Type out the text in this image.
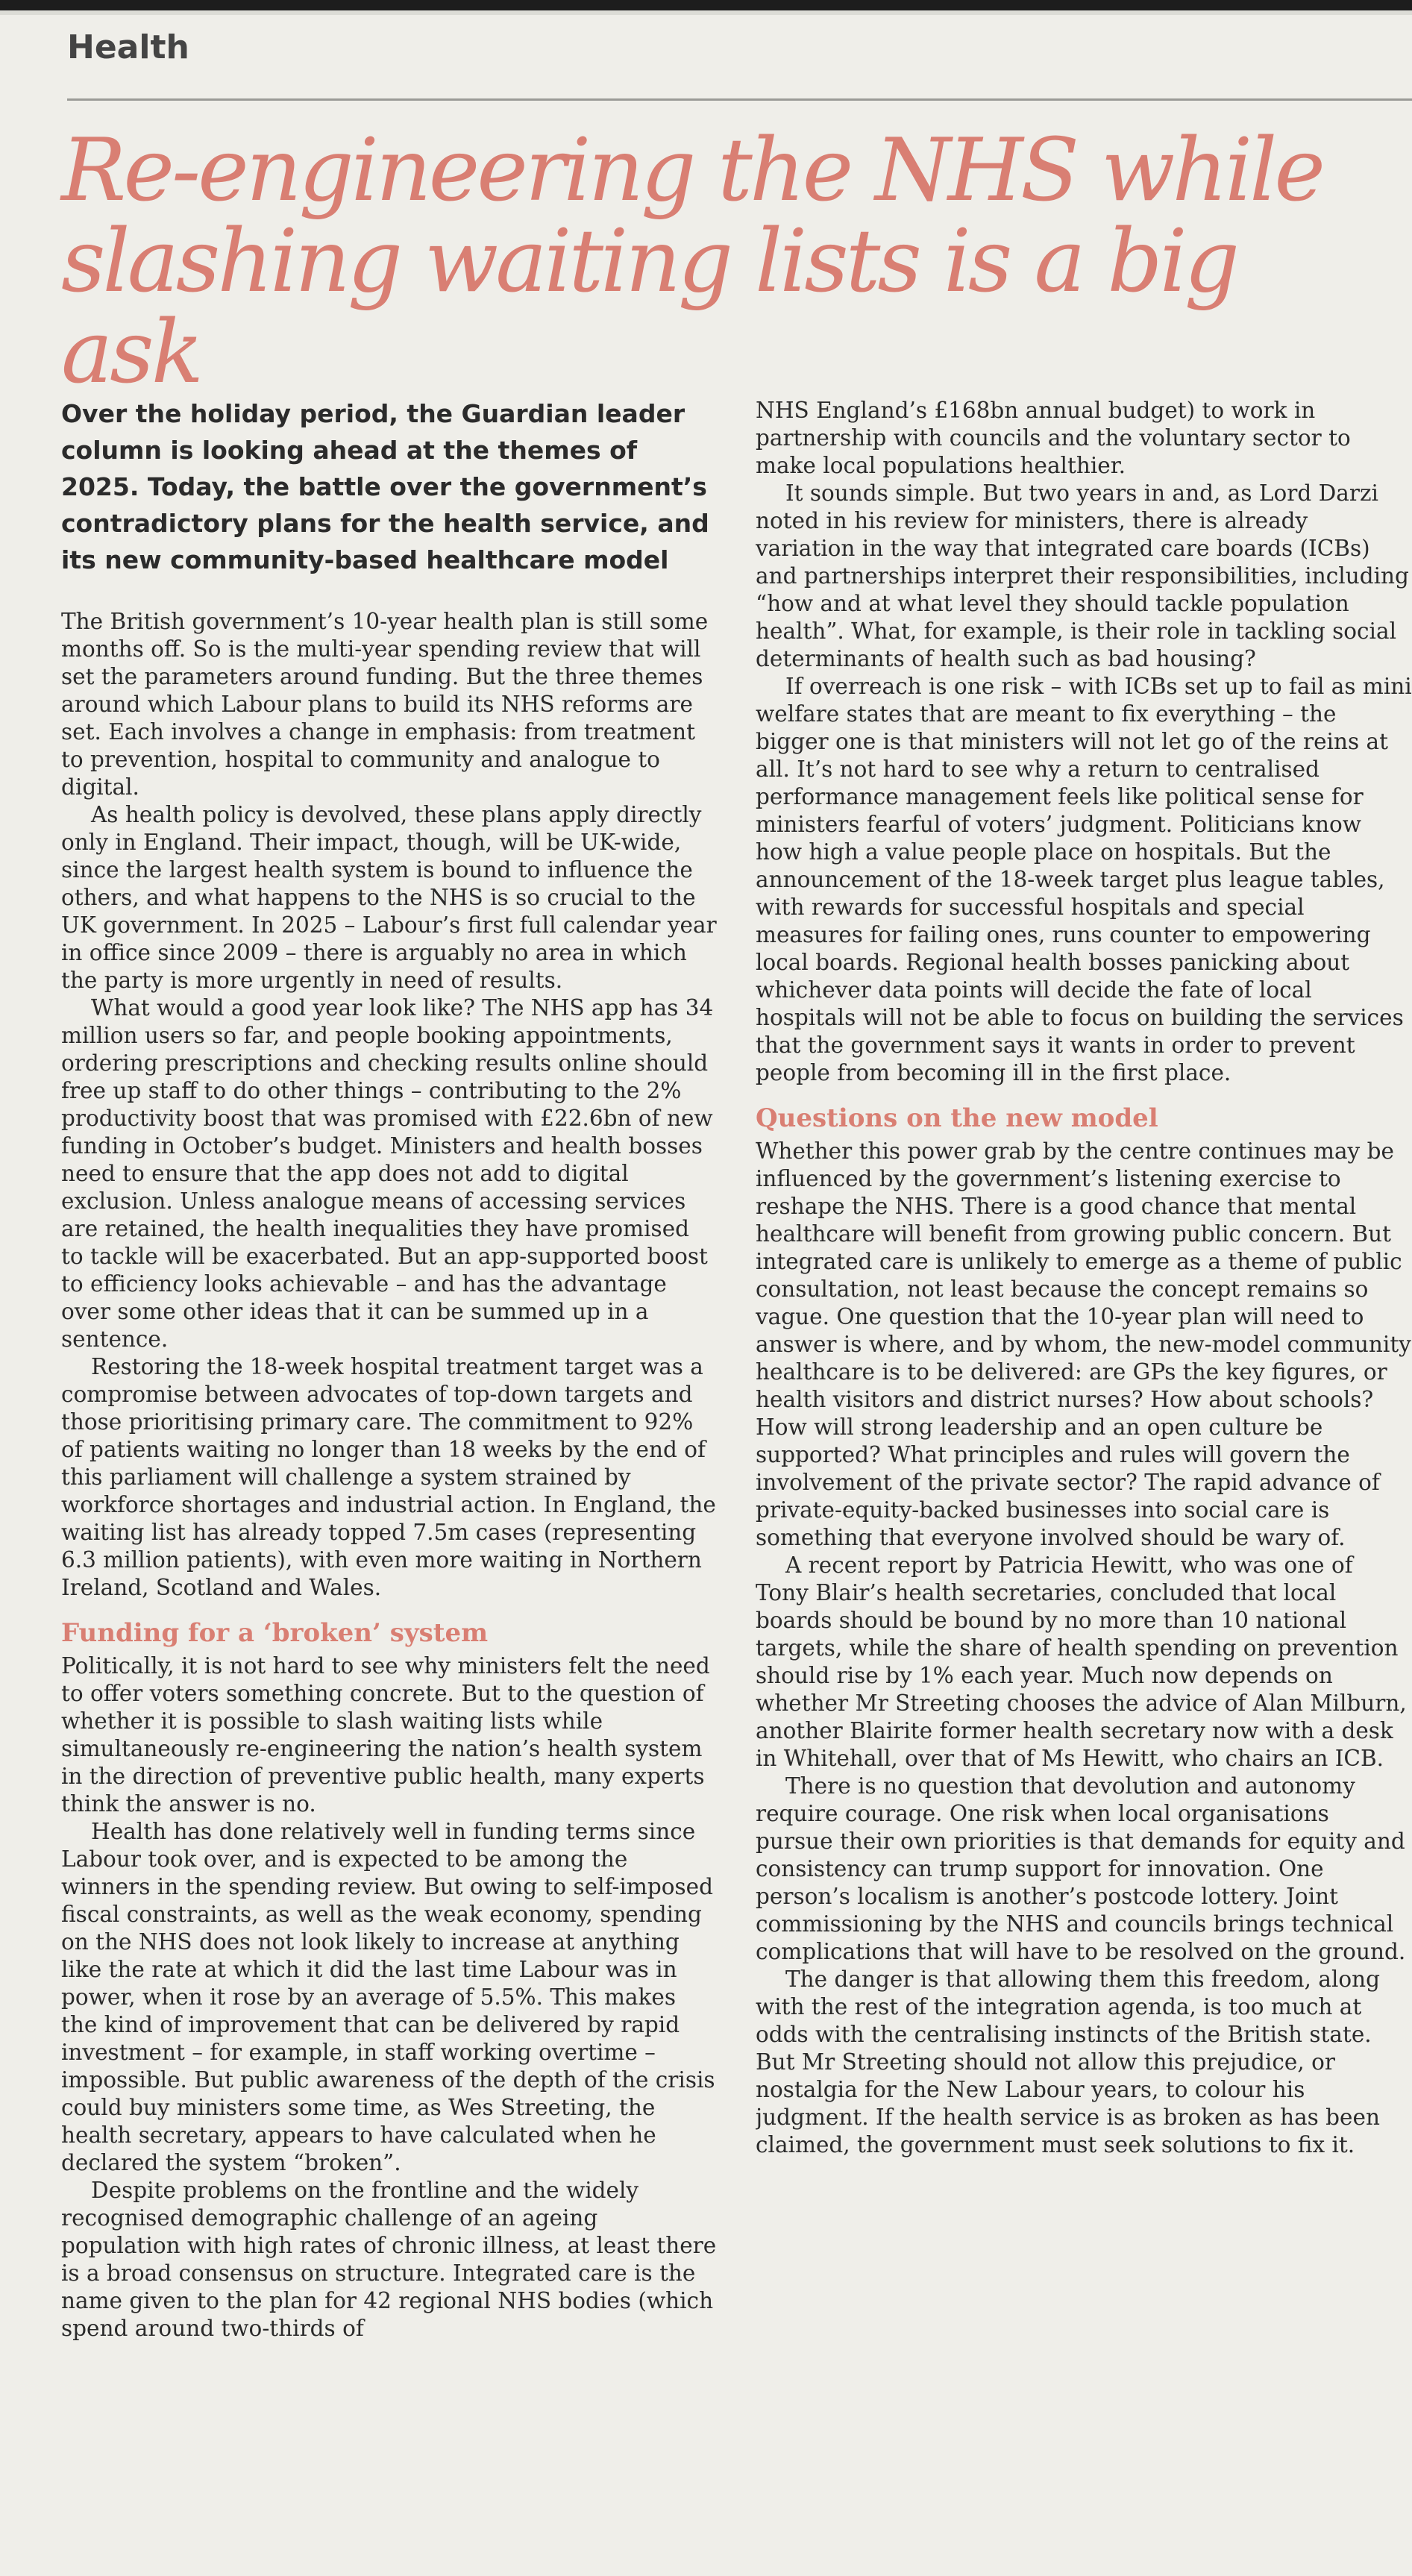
Health
Re-engineering the NHS while slashing waiting lists is a big ask
Over the holiday period, the Guardian leader column is looking ahead at the themes of 2025. Today, the battle over the government’s contradictory plans for the health service, and its new community-based healthcare model

The British government’s 10-year health plan is still some months off. So is the multi-year spending review that will set the parameters around funding. But the three themes around which Labour plans to build its NHS reforms are set. Each involves a change in emphasis: from treatment to prevention, hospital to community and analogue to digital.

As health policy is devolved, these plans apply directly only in England. Their impact, though, will be UK-wide, since the largest health system is bound to influence the others, and what happens to the NHS is so crucial to the UK government. In 2025 – Labour’s first full calendar year in office since 2009 – there is arguably no area in which the party is more urgently in need of results.

What would a good year look like? The NHS app has 34 million users so far, and people booking appointments, ordering prescriptions and checking results online should free up staff to do other things – contributing to the 2% productivity boost that was promised with £22.6bn of new funding in October’s budget. Ministers and health bosses need to ensure that the app does not add to digital exclusion. Unless analogue means of accessing services are retained, the health inequalities they have promised to tackle will be exacerbated. But an app-supported boost to efficiency looks achievable – and has the advantage over some other ideas that it can be summed up in a sentence.

Restoring the 18-week hospital treatment target was a compromise between advocates of top-down targets and those prioritising primary care. The commitment to 92% of patients waiting no longer than 18 weeks by the end of this parliament will challenge a system strained by workforce shortages and industrial action. In England, the waiting list has already topped 7.5m cases (representing 6.3 million patients), with even more waiting in Northern Ireland, Scotland and Wales.

Funding for a ‘broken’ system

Politically, it is not hard to see why ministers felt the need to offer voters something concrete. But to the question of whether it is possible to slash waiting lists while simultaneously re-engineering the nation’s health system in the direction of preventive public health, many experts think the answer is no.

Health has done relatively well in funding terms since Labour took over, and is expected to be among the winners in the spending review. But owing to self-imposed fiscal constraints, as well as the weak economy, spending on the NHS does not look likely to increase at anything like the rate at which it did the last time Labour was in power, when it rose by an average of 5.5%. This makes the kind of improvement that can be delivered by rapid investment – for example, in staff working overtime – impossible. But public awareness of the depth of the crisis could buy ministers some time, as Wes Streeting, the health secretary, appears to have calculated when he declared the system “broken”.

Despite problems on the frontline and the widely recognised demographic challenge of an ageing population with high rates of chronic illness, at least there is a broad consensus on structure. Integrated care is the name given to the plan for 42 regional NHS bodies (which spend around two-thirds of

NHS England’s £168bn annual budget) to work in partnership with councils and the voluntary sector to make local populations healthier.

It sounds simple. But two years in and, as Lord Darzi noted in his review for ministers, there is already variation in the way that integrated care boards (ICBs) and partnerships interpret their responsibilities, including “how and at what level they should tackle population health”. What, for example, is their role in tackling social determinants of health such as bad housing?

If overreach is one risk – with ICBs set up to fail as mini welfare states that are meant to fix everything – the bigger one is that ministers will not let go of the reins at all. It’s not hard to see why a return to centralised performance management feels like political sense for ministers fearful of voters’ judgment. Politicians know how high a value people place on hospitals. But the announcement of the 18-week target plus league tables, with rewards for successful hospitals and special measures for failing ones, runs counter to empowering local boards. Regional health bosses panicking about whichever data points will decide the fate of local hospitals will not be able to focus on building the services that the government says it wants in order to prevent people from becoming ill in the first place.

Questions on the new model

Whether this power grab by the centre continues may be influenced by the government’s listening exercise to reshape the NHS. There is a good chance that mental healthcare will benefit from growing public concern. But integrated care is unlikely to emerge as a theme of public consultation, not least because the concept remains so vague. One question that the 10-year plan will need to answer is where, and by whom, the new-model community healthcare is to be delivered: are GPs the key figures, or health visitors and district nurses? How about schools? How will strong leadership and an open culture be supported? What principles and rules will govern the involvement of the private sector? The rapid advance of private-equity-backed businesses into social care is something that everyone involved should be wary of.

A recent report by Patricia Hewitt, who was one of Tony Blair’s health secretaries, concluded that local boards should be bound by no more than 10 national targets, while the share of health spending on prevention should rise by 1% each year. Much now depends on whether Mr Streeting chooses the advice of Alan Milburn, another Blairite former health secretary now with a desk in Whitehall, over that of Ms Hewitt, who chairs an ICB.

There is no question that devolution and autonomy require courage. One risk when local organisations pursue their own priorities is that demands for equity and consistency can trump support for innovation. One person’s localism is another’s postcode lottery. Joint commissioning by the NHS and councils brings technical complications that will have to be resolved on the ground.

The danger is that allowing them this freedom, along with the rest of the integration agenda, is too much at odds with the centralising instincts of the British state. But Mr Streeting should not allow this prejudice, or nostalgia for the New Labour years, to colour his judgment. If the health service is as broken as has been claimed, the government must seek solutions to fix it.
